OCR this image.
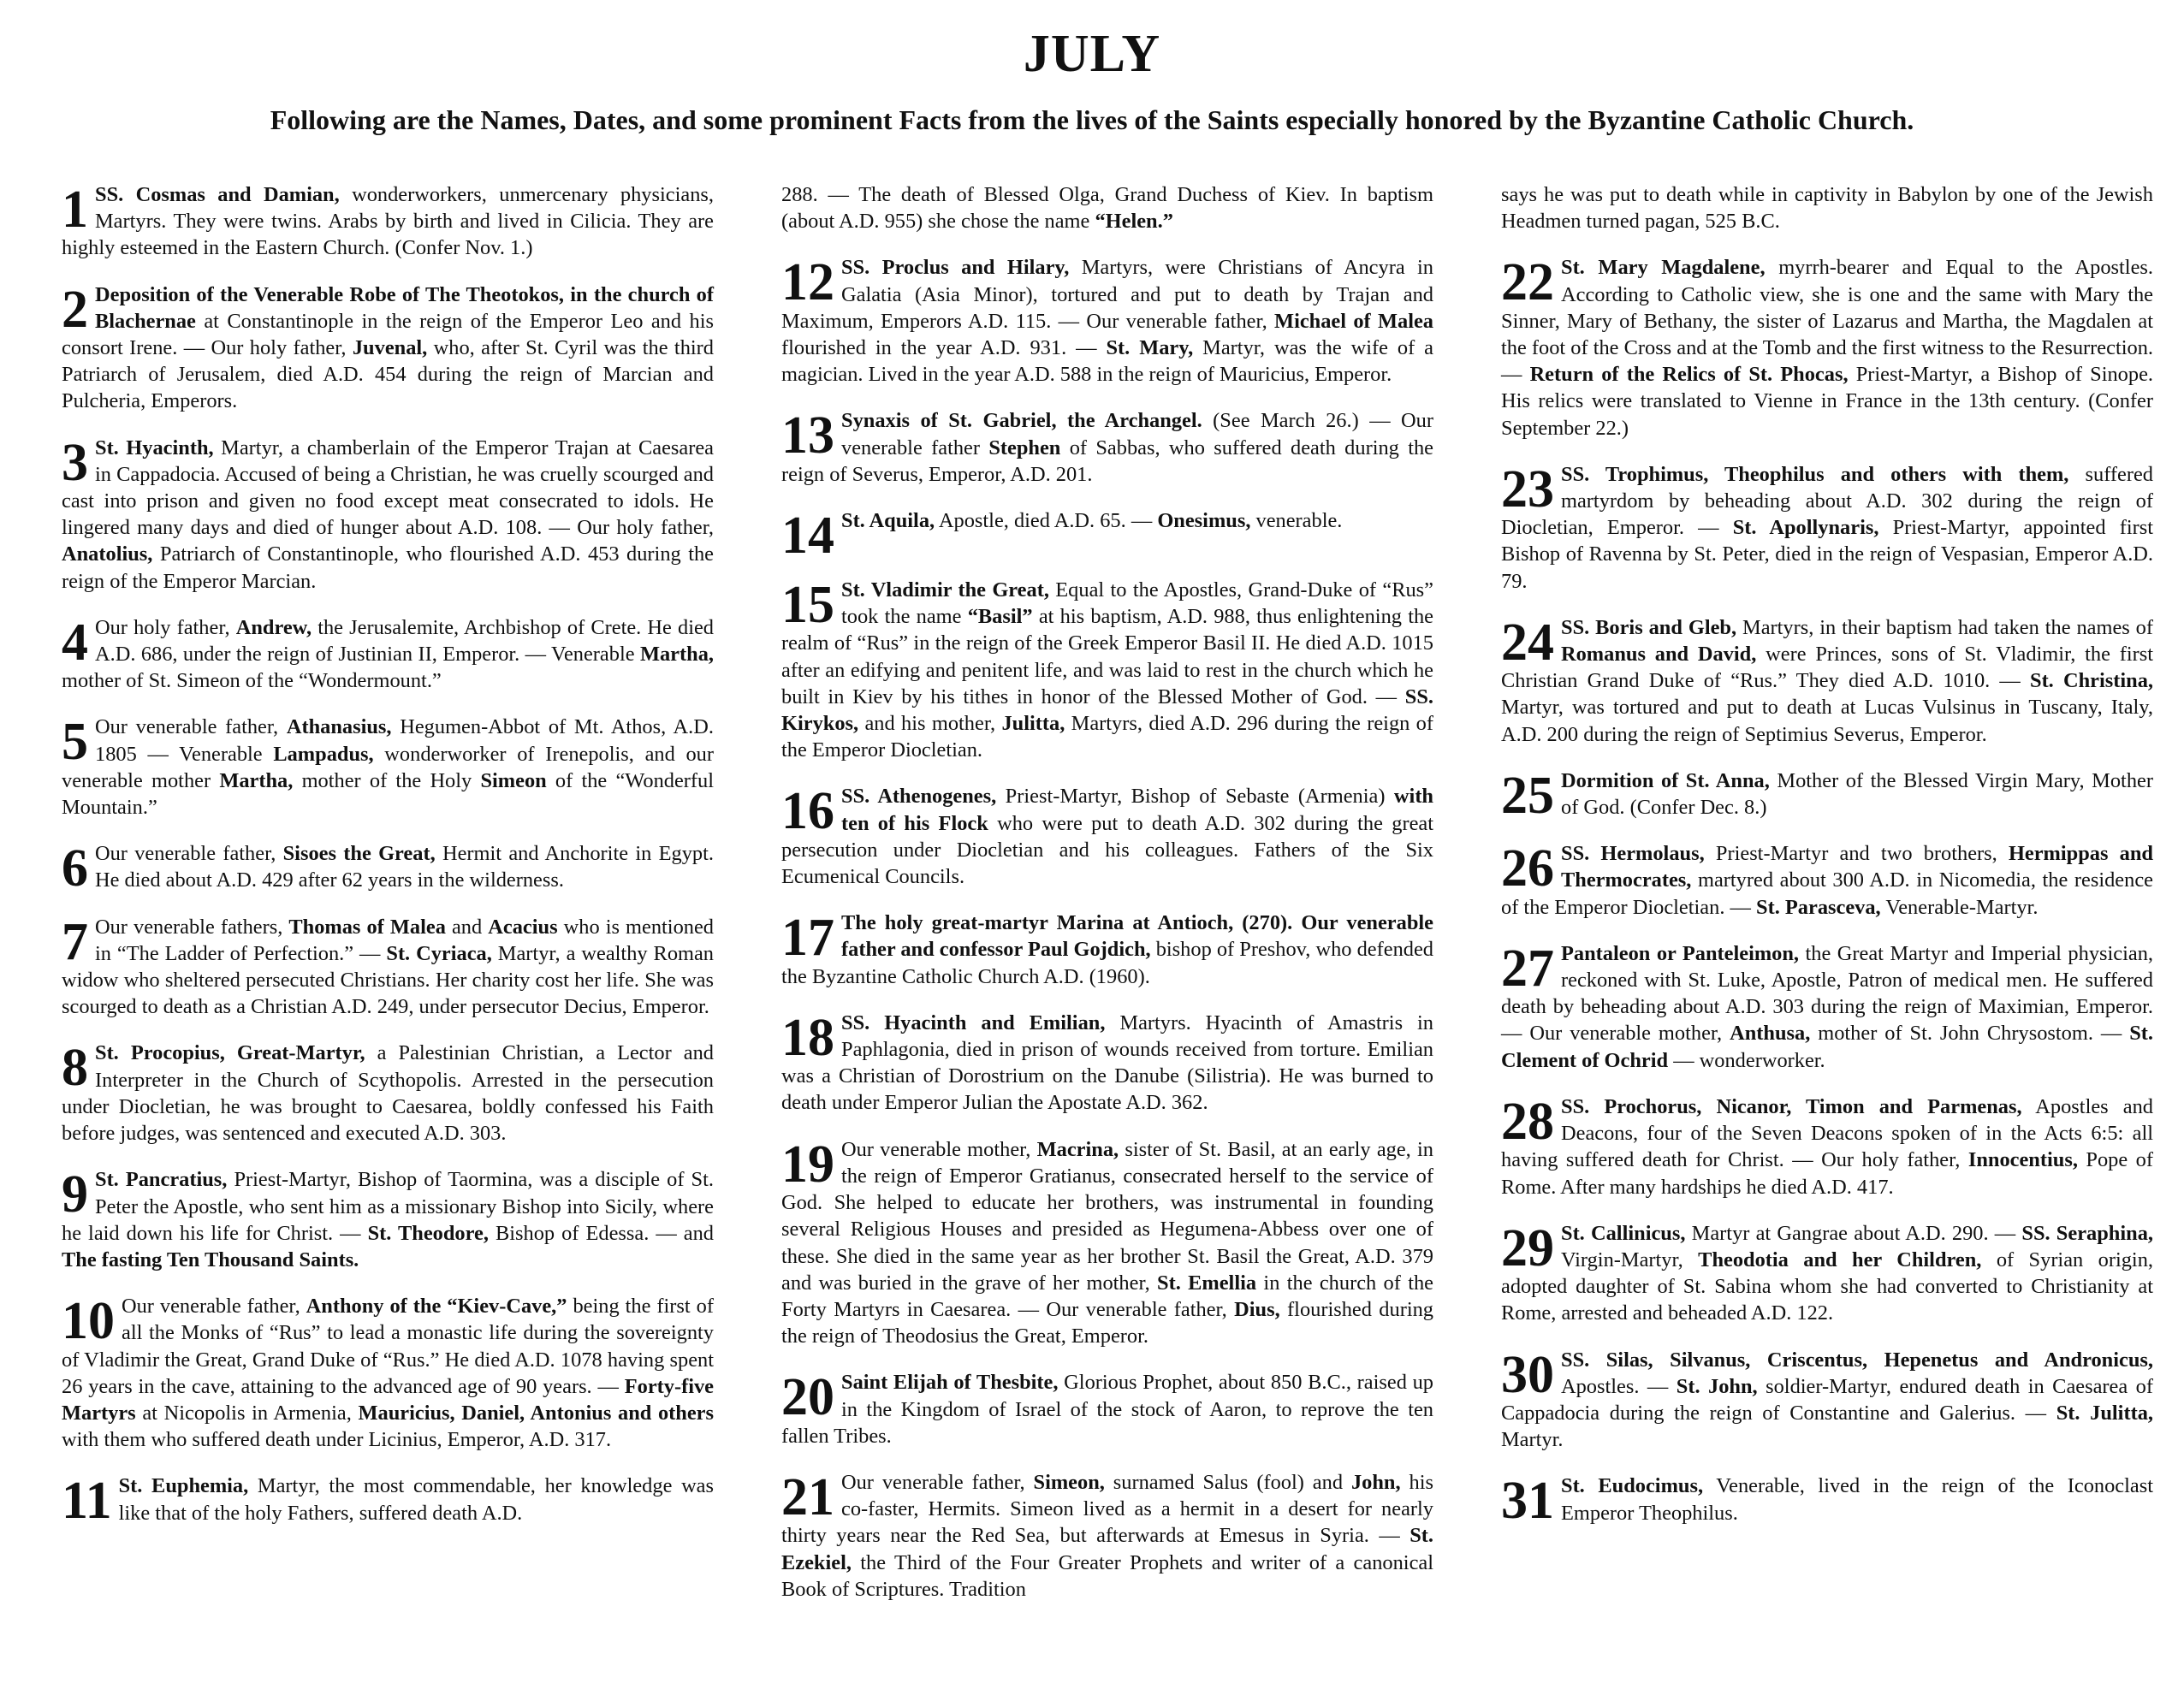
JULY
Following are the Names, Dates, and some prominent Facts from the lives of the Saints especially honored by the Byzantine Catholic Church.
1 SS. Cosmas and Damian, wonderworkers, unmercenary physicians, Martyrs. They were twins. Arabs by birth and lived in Cilicia. They are highly esteemed in the Eastern Church. (Confer Nov. 1.)
2 Deposition of the Venerable Robe of The Theotokos, in the church of Blachernae at Constantinople in the reign of the Emperor Leo and his consort Irene. — Our holy father, Juvenal, who, after St. Cyril was the third Patriarch of Jerusalem, died A.D. 454 during the reign of Marcian and Pulcheria, Emperors.
3 St. Hyacinth, Martyr, a chamberlain of the Emperor Trajan at Caesarea in Cappadocia. Accused of being a Christian, he was cruelly scourged and cast into prison and given no food except meat consecrated to idols. He lingered many days and died of hunger about A.D. 108. — Our holy father, Anatolius, Patriarch of Constantinople, who flourished A.D. 453 during the reign of the Emperor Marcian.
4 Our holy father, Andrew, the Jerusalemite, Archbishop of Crete. He died A.D. 686, under the reign of Justinian II, Emperor. — Venerable Martha, mother of St. Simeon of the “Wondermount.”
5 Our venerable father, Athanasius, Hegumen-Abbot of Mt. Athos, A.D. 1805 — Venerable Lampadus, wonderworker of Irenepolis, and our venerable mother Martha, mother of the Holy Simeon of the “Wonderful Mountain.”
6 Our venerable father, Sisoes the Great, Hermit and Anchorite in Egypt. He died about A.D. 429 after 62 years in the wilderness.
7 Our venerable fathers, Thomas of Malea and Acacius who is mentioned in “The Ladder of Perfection.” — St. Cyriaca, Martyr, a wealthy Roman widow who sheltered persecuted Christians. Her charity cost her life. She was scourged to death as a Christian A.D. 249, under persecutor Decius, Emperor.
8 St. Procopius, Great-Martyr, a Palestinian Christian, a Lector and Interpreter in the Church of Scythopolis. Arrested in the persecution under Diocletian, he was brought to Caesarea, boldly confessed his Faith before judges, was sentenced and executed A.D. 303.
9 St. Pancratius, Priest-Martyr, Bishop of Taormina, was a disciple of St. Peter the Apostle, who sent him as a missionary Bishop into Sicily, where he laid down his life for Christ. — St. Theodore, Bishop of Edessa. — and The fasting Ten Thousand Saints.
10 Our venerable father, Anthony of the “Kiev-Cave,” being the first of all the Monks of “Rus” to lead a monastic life during the sovereignty of Vladimir the Great, Grand Duke of “Rus.” He died A.D. 1078 having spent 26 years in the cave, attaining to the advanced age of 90 years. — Forty-five Martyrs at Nicopolis in Armenia, Mauricius, Daniel, Antonius and others with them who suffered death under Licinius, Emperor, A.D. 317.
11 St. Euphemia, Martyr, the most commendable, her knowledge was like that of the holy Fathers, suffered death A.D.
288. — The death of Blessed Olga, Grand Duchess of Kiev. In baptism (about A.D. 955) she chose the name “Helen.”
12 SS. Proclus and Hilary, Martyrs, were Christians of Ancyra in Galatia (Asia Minor), tortured and put to death by Trajan and Maximum, Emperors A.D. 115. — Our venerable father, Michael of Malea flourished in the year A.D. 931. — St. Mary, Martyr, was the wife of a magician. Lived in the year A.D. 588 in the reign of Mauricius, Emperor.
13 Synaxis of St. Gabriel, the Archangel. (See March 26.) — Our venerable father Stephen of Sabbas, who suffered death during the reign of Severus, Emperor, A.D. 201.
14 St. Aquila, Apostle, died A.D. 65. — Onesimus, venerable.
15 St. Vladimir the Great, Equal to the Apostles, Grand-Duke of “Rus” took the name “Basil” at his baptism, A.D. 988, thus enlightening the realm of “Rus” in the reign of the Greek Emperor Basil II. He died A.D. 1015 after an edifying and penitent life, and was laid to rest in the church which he built in Kiev by his tithes in honor of the Blessed Mother of God. — SS. Kirykos, and his mother, Julitta, Martyrs, died A.D. 296 during the reign of the Emperor Diocletian.
16 SS. Athenogenes, Priest-Martyr, Bishop of Sebaste (Armenia) with ten of his Flock who were put to death A.D. 302 during the great persecution under Diocletian and his colleagues. Fathers of the Six Ecumenical Councils.
17 The holy great-martyr Marina at Antioch, (270). Our venerable father and confessor Paul Gojdich, bishop of Preshov, who defended the Byzantine Catholic Church A.D. (1960).
18 SS. Hyacinth and Emilian, Martyrs. Hyacinth of Amastris in Paphlagonia, died in prison of wounds received from torture. Emilian was a Christian of Dorostrium on the Danube (Silistria). He was burned to death under Emperor Julian the Apostate A.D. 362.
19 Our venerable mother, Macrina, sister of St. Basil, at an early age, in the reign of Emperor Gratianus, consecrated herself to the service of God. She helped to educate her brothers, was instrumental in founding several Religious Houses and presided as Hegumena-Abbess over one of these. She died in the same year as her brother St. Basil the Great, A.D. 379 and was buried in the grave of her mother, St. Emellia in the church of the Forty Martyrs in Caesarea. — Our venerable father, Dius, flourished during the reign of Theodosius the Great, Emperor.
20 Saint Elijah of Thesbite, Glorious Prophet, about 850 B.C., raised up in the Kingdom of Israel of the stock of Aaron, to reprove the ten fallen Tribes.
21 Our venerable father, Simeon, surnamed Salus (fool) and John, his co-faster, Hermits. Simeon lived as a hermit in a desert for nearly thirty years near the Red Sea, but afterwards at Emesus in Syria. — St. Ezekiel, the Third of the Four Greater Prophets and writer of a canonical Book of Scriptures. Tradition
says he was put to death while in captivity in Babylon by one of the Jewish Headmen turned pagan, 525 B.C.
22 St. Mary Magdalene, myrrh-bearer and Equal to the Apostles. According to Catholic view, she is one and the same with Mary the Sinner, Mary of Bethany, the sister of Lazarus and Martha, the Magdalen at the foot of the Cross and at the Tomb and the first witness to the Resurrection. — Return of the Relics of St. Phocas, Priest-Martyr, a Bishop of Sinope. His relics were translated to Vienne in France in the 13th century. (Confer September 22.)
23 SS. Trophimus, Theophilus and others with them, suffered martyrdom by beheading about A.D. 302 during the reign of Diocletian, Emperor. — St. Apollynaris, Priest-Martyr, appointed first Bishop of Ravenna by St. Peter, died in the reign of Vespasian, Emperor A.D. 79.
24 SS. Boris and Gleb, Martyrs, in their baptism had taken the names of Romanus and David, were Princes, sons of St. Vladimir, the first Christian Grand Duke of “Rus.” They died A.D. 1010. — St. Christina, Martyr, was tortured and put to death at Lucas Vulsinus in Tuscany, Italy, A.D. 200 during the reign of Septimius Severus, Emperor.
25 Dormition of St. Anna, Mother of the Blessed Virgin Mary, Mother of God. (Confer Dec. 8.)
26 SS. Hermolaus, Priest-Martyr and two brothers, Hermippas and Thermocrates, martyred about 300 A.D. in Nicomedia, the residence of the Emperor Diocletian. — St. Parasceva, Venerable-Martyr.
27 Pantaleon or Panteleimon, the Great Martyr and Imperial physician, reckoned with St. Luke, Apostle, Patron of medical men. He suffered death by beheading about A.D. 303 during the reign of Maximian, Emperor. — Our venerable mother, Anthusa, mother of St. John Chrysostom. — St. Clement of Ochrid — wonderworker.
28 SS. Prochorus, Nicanor, Timon and Parmenas, Apostles and Deacons, four of the Seven Deacons spoken of in the Acts 6:5: all having suffered death for Christ. — Our holy father, Innocentius, Pope of Rome. After many hardships he died A.D. 417.
29 St. Callinicus, Martyr at Gangrae about A.D. 290. — SS. Seraphina, Virgin-Martyr, Theodotia and her Children, of Syrian origin, adopted daughter of St. Sabina whom she had converted to Christianity at Rome, arrested and beheaded A.D. 122.
30 SS. Silas, Silvanus, Criscentus, Hepenetus and Andronicus, Apostles. — St. John, soldier-Martyr, endured death in Caesarea of Cappadocia during the reign of Constantine and Galerius. — St. Julitta, Martyr.
31 St. Eudocimus, Venerable, lived in the reign of the Iconoclast Emperor Theophilus.
